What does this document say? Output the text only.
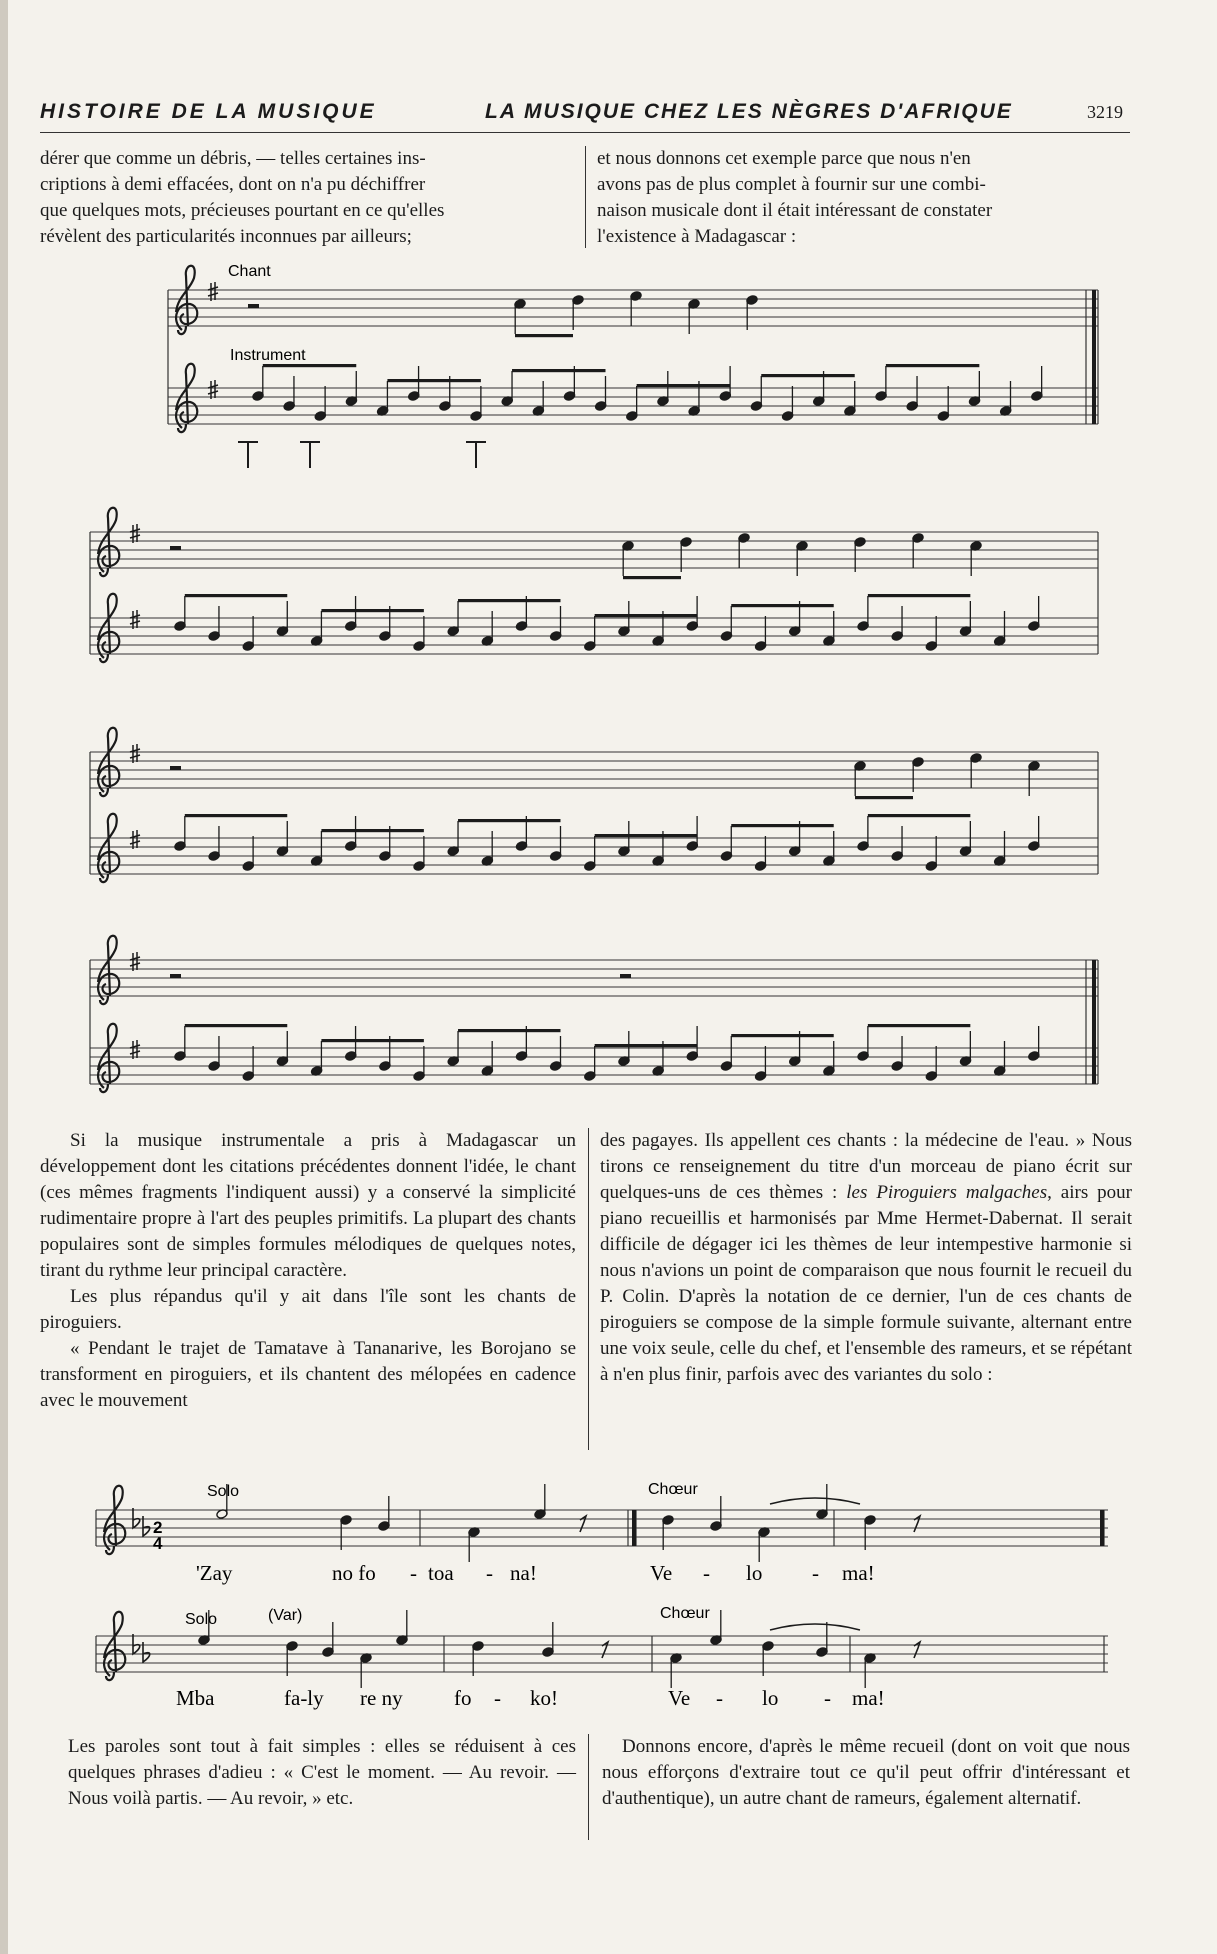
HISTOIRE DE LA MUSIQUE	LA MUSIQUE CHEZ LES NÈGRES D'AFRIQUE	3219
dérer que comme un débris, — telles certaines ins-
criptions à demi effacées, dont on n'a pu déchiffrer
que quelques mots, précieuses pourtant en ce qu'elles
révèlent des particularités inconnues par ailleurs;
et nous donnons cet exemple parce que nous n'en
avons pas de plus complet à fournir sur une combi-
naison musicale dont il était intéressant de constater
l'existence à Madagascar :
Chant
Instrument

Si la musique instrumentale a pris à Madagascar un développement dont les citations précédentes donnent l'idée, le chant (ces mêmes fragments l'indiquent aussi) y a conservé la simplicité rudimentaire propre à l'art des peuples primitifs. La plupart des chants populaires sont de simples formules mélodiques de quelques notes, tirant du rythme leur principal caractère.

Les plus répandus qu'il y ait dans l'île sont les chants de piroguiers.

« Pendant le trajet de Tamatave à Tananarive, les Borojano se transforment en piroguiers, et ils chantent des mélopées en cadence avec le mouvement

des pagayes. Ils appellent ces chants : la médecine de l'eau. » Nous tirons ce renseignement du titre d'un morceau de piano écrit sur quelques-uns de ces thèmes : les Piroguiers malgaches, airs pour piano recueillis et harmonisés par Mme Hermet-Dabernat. Il serait difficile de dégager ici les thèmes de leur intempestive harmonie si nous n'avions un point de comparaison que nous fournit le recueil du P. Colin. D'après la notation de ce dernier, l'un de ces chants de piroguiers se compose de la simple formule suivante, alternant entre une voix seule, celle du chef, et l'ensemble des rameurs, et se répétant à n'en plus finir, parfois avec des variantes du solo :

Solo	Chœur
2
4
'Zay	no fo - toa - na!	Ve - lo - ma!
Solo	(Var)	Chœur
Mba	fa-ly re ny fo - ko!	Ve - lo - ma!

Les paroles sont tout à fait simples : elles se réduisent à ces quelques phrases d'adieu : « C'est le moment. — Au revoir. — Nous voilà partis. — Au revoir, » etc.

Donnons encore, d'après le même recueil (dont on voit que nous nous efforçons d'extraire tout ce qu'il peut offrir d'intéressant et d'authentique), un autre chant de rameurs, également alternatif.
